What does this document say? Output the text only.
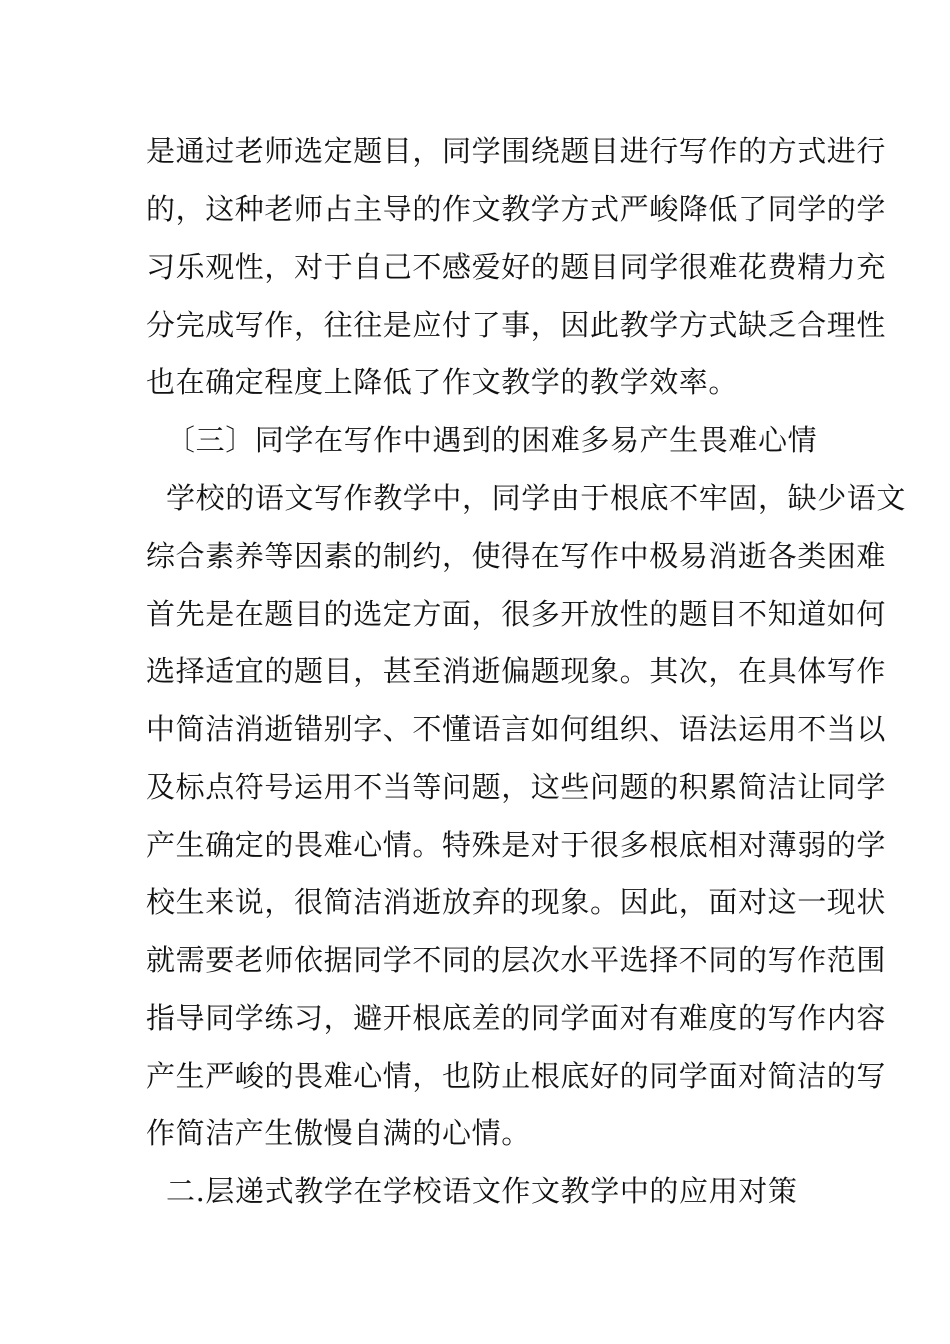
是通过老师选定题目，同学围绕题目进行写作的方式进行
的，这种老师占主导的作文教学方式严峻降低了同学的学
习乐观性，对于自己不感爱好的题目同学很难花费精力充
分完成写作，往往是应付了事，因此教学方式缺乏合理性
也在确定程度上降低了作文教学的教学效率。
〔三〕同学在写作中遇到的困难多易产生畏难心情
学校的语文写作教学中，同学由于根底不牢固，缺少语文
综合素养等因素的制约，使得在写作中极易消逝各类困难
首先是在题目的选定方面，很多开放性的题目不知道如何
选择适宜的题目，甚至消逝偏题现象。其次，在具体写作
中简洁消逝错别字、不懂语言如何组织、语法运用不当以
及标点符号运用不当等问题，这些问题的积累简洁让同学
产生确定的畏难心情。特殊是对于很多根底相对薄弱的学
校生来说，很简洁消逝放弃的现象。因此，面对这一现状
就需要老师依据同学不同的层次水平选择不同的写作范围
指导同学练习，避开根底差的同学面对有难度的写作内容
产生严峻的畏难心情，也防止根底好的同学面对简洁的写
作简洁产生傲慢自满的心情。
二.层递式教学在学校语文作文教学中的应用对策
